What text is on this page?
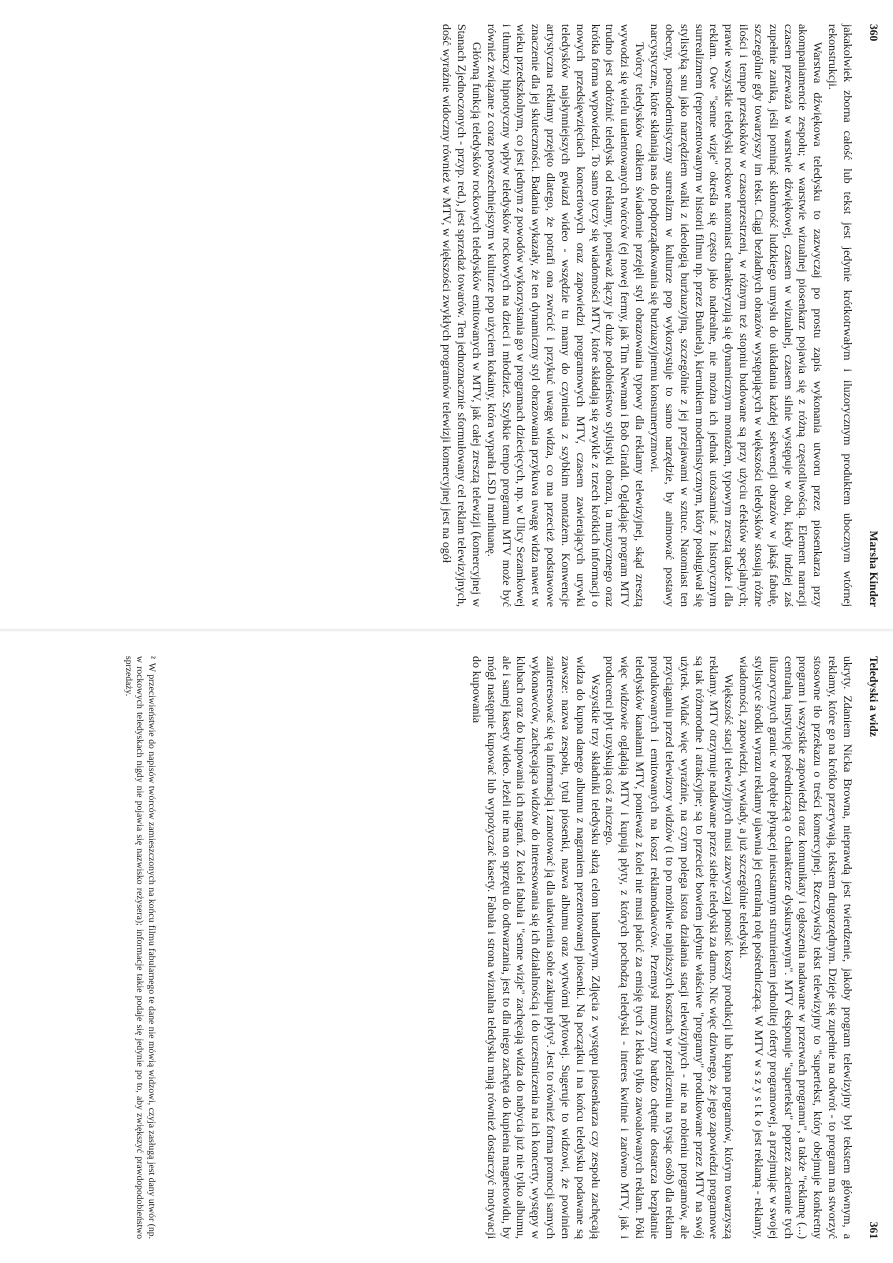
360
Marsha Kinder

jakakolwiek zborna całość lub tekst jest jedynie krótkotrwałym i iluzorycznym produktem ubocznym wtórnej rekonstrukcji.

Warstwa dźwiękowa teledysku to zazwyczaj po prostu zapis wykonania utworu przez piosenkarza przy akompaniamencie zespołu; w warstwie wizualnej piosenkarz pojawia się z różną częstotliwością. Element narracji czasem przeważa w warstwie dźwiękowej, czasem w wizualnej, czasem silnie występuje w obu, kiedy indziej zaś zupełnie zanika, jeśli pominąć skłonność ludzkiego umysłu do układania każdej sekwencji obrazów w jakąś fabułę, szczególnie gdy towarzyszy im tekst. Ciągi bezładnych obrazów występujących w większości teledysków stosują różne ilości i tempo przeskoków w czasoprzestrzeni, w różnym też stopniu budowane są przy użyciu efektów specjalnych; prawie wszystkie teledyski rockowe natomiast charakteryzują się dynamicznym montażem, typowym zresztą także i dla reklam. Owe "senne wizje" określa się często jako nadrealne, nie można ich jednak utożsamiać z historycznym surrealizmem (reprezentowanym w historii filmu np. przez Buñuela), kierunkiem modernistycznym, który posługiwał się stylistyką snu jako narzędziem walki z ideologią burżuazyjną, szczególnie z jej przejawami w sztuce. Natomiast ten obecny, postmodernistyczny surrealizm w kulturze pop wykorzystuje to samo narzędzie, by animować postawy narcystyczne, które skłaniają nas do podporządkowania się burżuazyjnemu konsumeryzmowi.

Twórcy teledysków całkiem świadomie przejęli styl obrazowania typowy dla reklamy telewizyjnej, skąd zresztą wywodzi się wielu utalentowanych twórców (ej nowej fermy, jak Tim Newman i Bob Giraldi. Oglądając program MTV trudno jest odróżnić teledysk od reklamy, ponieważ łączy je duże podobieństwo stylistyki obrazu, ta muzycznego oraz krótka forma wypowiedzi. To samo tyczy się wiadomości MTV, które składają się zwykle z trzech krótkich informacji o nowych przedsięwzięciach koncertowych oraz zapowiedzi programowych MTV, czasem zawierających urywki teledysków najsłynniejszych gwiazd wideo - wszędzie tu mamy do czynienia z szybkim montażem. Konwencje artystyczna reklamy przejęto dlatego, że potrafi ona zwrócić i przykuć uwagę widza, co ma przecież podstawowe znaczenie dla jej skuteczności. Badania wykazały, że ten dynamiczny styl obrazowania przykuwa uwagę widza nawet w wieku przedszkolnym, co jest jednym z powodów wykorzystania go w programach dziecięcych, np. w Ulicy Sezamkowej i tłumaczy hipnotyczny wpływ teledysków rockowych na dzieci i młodzież. Szybkie tempo programu MTV może być również związane z coraz powszechniejszym w kulturze pop użyciem kokainy, która wyparła LSD i marihuanę.

Główną funkcją teledysków rockowych teledysków emitowanych w MTV, jak całej zresztą telewizji (komercyjnej w Stanach Zjednoczonych - przyp. red.), jest sprzedaż towarów. Ten jednoznacznie sformułowany cel reklam telewizyjnych, dość wyraźnie widoczny również w MTV, w większości zwykłych programów telewizji komercyjnej jest na ogół

Teledyski a widz
361

ukryty. Zdaniem Nicka Browna, nieprawdą jest twierdzenie, jakoby program telewizyjny był tekstem głównym, a reklamy, które go na krótko przerywają, tekstem drugorzędnym. Dzieje się zupełnie na odwrót - to program ma stworzyć stosowne tło przekazu o treści komercyjnej. Rzeczywisty tekst telewizyjny to "supertekst, który obejmuje konkretny program i wszystkie zapowiedzi oraz komunikaty i ogłoszenia nadawane w przerwach programu", a także "reklamę (...) centralną instytucję pośredniczącą o charakterze dyskursywnym". MTV eksponuje "supertekst" poprzez zacieranie tych iluzorycznych granic w obrębie płynącej nieustannym strumieniem jednolitej oferty programowej, a przejmując w swojej stylistyce środki wyrazu reklamy ujawnia jej centralną rolę pośredniczącą. W MTV w s z y s t k o jest reklamą - reklamy, wiadomości, zapowiedzi, wywiady, a już szczególnie teledyski.

Większość stacji telewizyjnych musi zazwyczaj ponosić koszty produkcji lub kupna programów, którym towarzyszą reklamy. MTV otrzymuje nadawane przez siebie teledyski za darmo. Nic więc dziwnego, że jego zapowiedzi programowe są tak różnorodne i atrakcyjne; są to przecież bowiem jedynie właściwe "programy" produkowane przez MTV na swój użytek. Widać więc wyraźnie, na czym polega istota działania stacji telewizyjnych - nie na robieniu programów, ale przyciąganiu przed telewizory widzów (i to po możliwie najniższych kosztach w przeliczeniu na tysiąc osób) dla reklam produkowanych i emitowanych na koszt reklamodawców. Przemysł muzyczny bardzo chętnie dostarcza bezpłatnie teledysków kanałami MTV, ponieważ z kolei nie musi płacić za emisję tych z lekka tylko zawoalowanych reklam. Póki więc widzowie oglądają MTV i kupują płyty, z których pochodzą teledyski - interes kwitnie i zarówno MTV, jak i producenci płyt uzyskują coś z niczego.

Wszystkie trzy składniki teledysku służą celom handlowym. Zdjęcia z występu piosenkarza czy zespołu zachęcają widza do kupna danego albumu z nagraniem prezentowanej piosenki. Na początku i na końcu teledysku podawane są zawsze: nazwa zespołu, tytuł piosenki, nazwa albumu oraz wytwórni płytowej. Sugeruje to widzowi, że powinien zainteresować się tą informacją i zanotować ją dla ułatwienia sobie zakupu płyty². Jest to również forma promocji samych wykonawców, zachęcająca widzów do interesowania się ich działalnością i do uczestniczenia na ich koncerty, występy w klubach oraz do kupowania ich nagrań. Z kolei fabuła i "senne wizje" zachęcają widza do nabycia już nie tylko albumu, ale i samej kasety wideo. Jeżeli nie ma on sprzętu do odtwarzania, jest to dla niego zachęta do kupienia magnetowidu, by mógł następnie kupować lub wypożyczać kasety. Fabuła i strona wizualna teledysku mają również dostarczyć motywacji do kupowania

²W przeciwieństwie do napisów twórców zamieszczonych na końcu filmu fabularnego te dane nie mówią widzowi, czyja zasługą jest dany utwór (np. w rockowych teledyskach nigdy nie pojawia się nazwisko reżysera); informacje takie podaje się jedynie po to, aby zwiększyć prawdopodobieństwo sprzedaży.
